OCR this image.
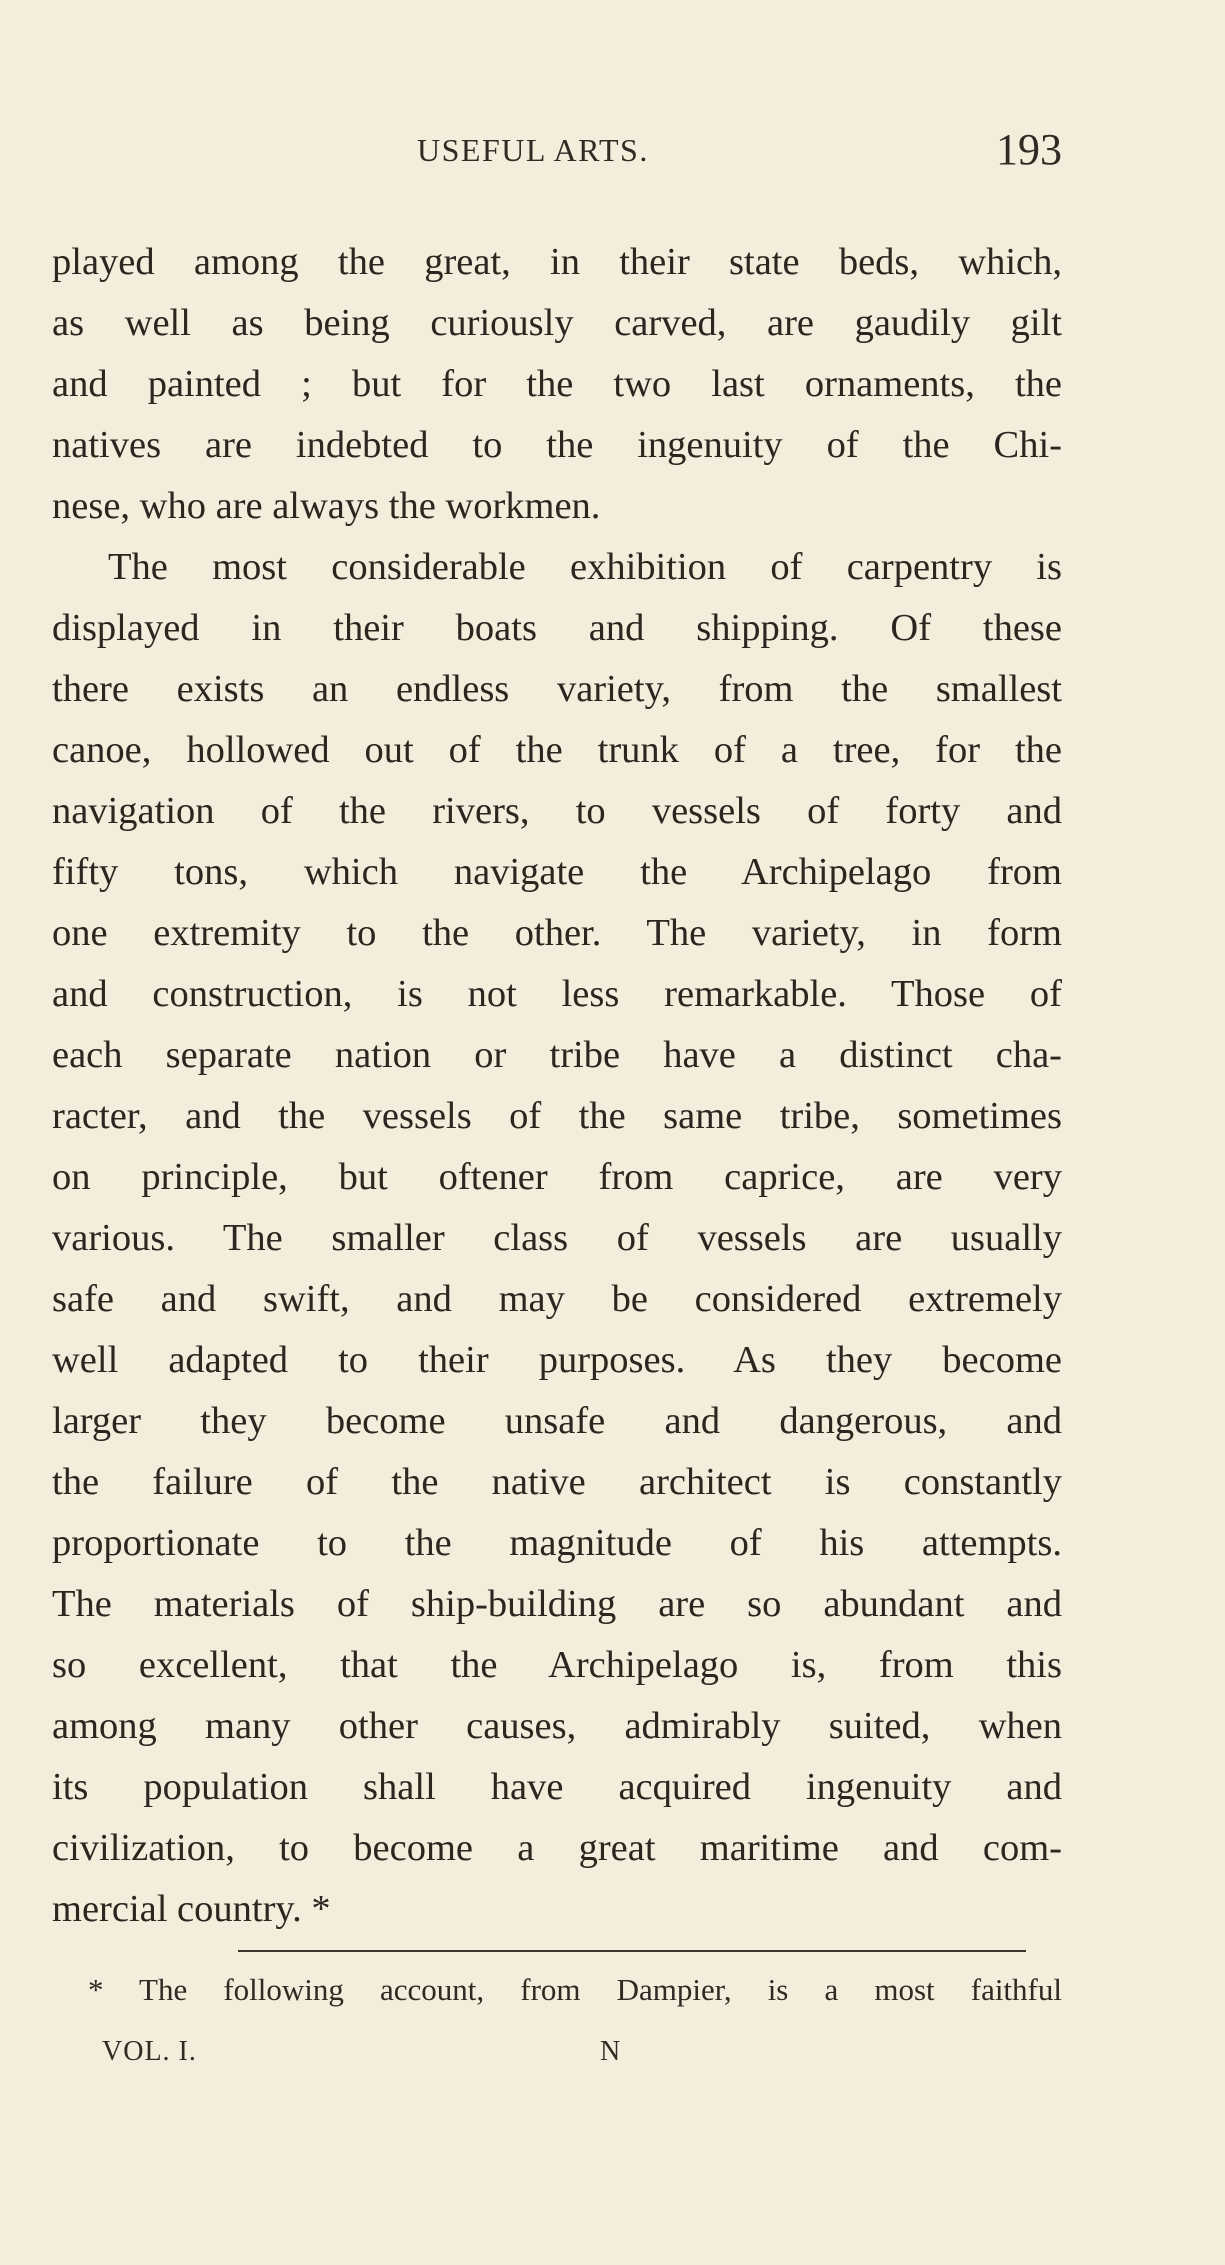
USEFUL ARTS.	193
played among the great, in their state beds, which,
as well as being curiously carved, are gaudily gilt
and painted ; but for the two last ornaments, the
natives are indebted to the ingenuity of the Chi-
nese, who are always the workmen.
The most considerable exhibition of carpentry is
displayed in their boats and shipping. Of these
there exists an endless variety, from the smallest
canoe, hollowed out of the trunk of a tree, for the
navigation of the rivers, to vessels of forty and
fifty tons, which navigate the Archipelago from
one extremity to the other. The variety, in form
and construction, is not less remarkable. Those of
each separate nation or tribe have a distinct cha-
racter, and the vessels of the same tribe, sometimes
on principle, but oftener from caprice, are very
various. The smaller class of vessels are usually
safe and swift, and may be considered extremely
well adapted to their purposes. As they become
larger they become unsafe and dangerous, and
the failure of the native architect is constantly
proportionate to the magnitude of his attempts.
The materials of ship-building are so abundant and
so excellent, that the Archipelago is, from this
among many other causes, admirably suited, when
its population shall have acquired ingenuity and
civilization, to become a great maritime and com-
mercial country. *
* The following account, from Dampier, is a most faithful
VOL. I.	N
